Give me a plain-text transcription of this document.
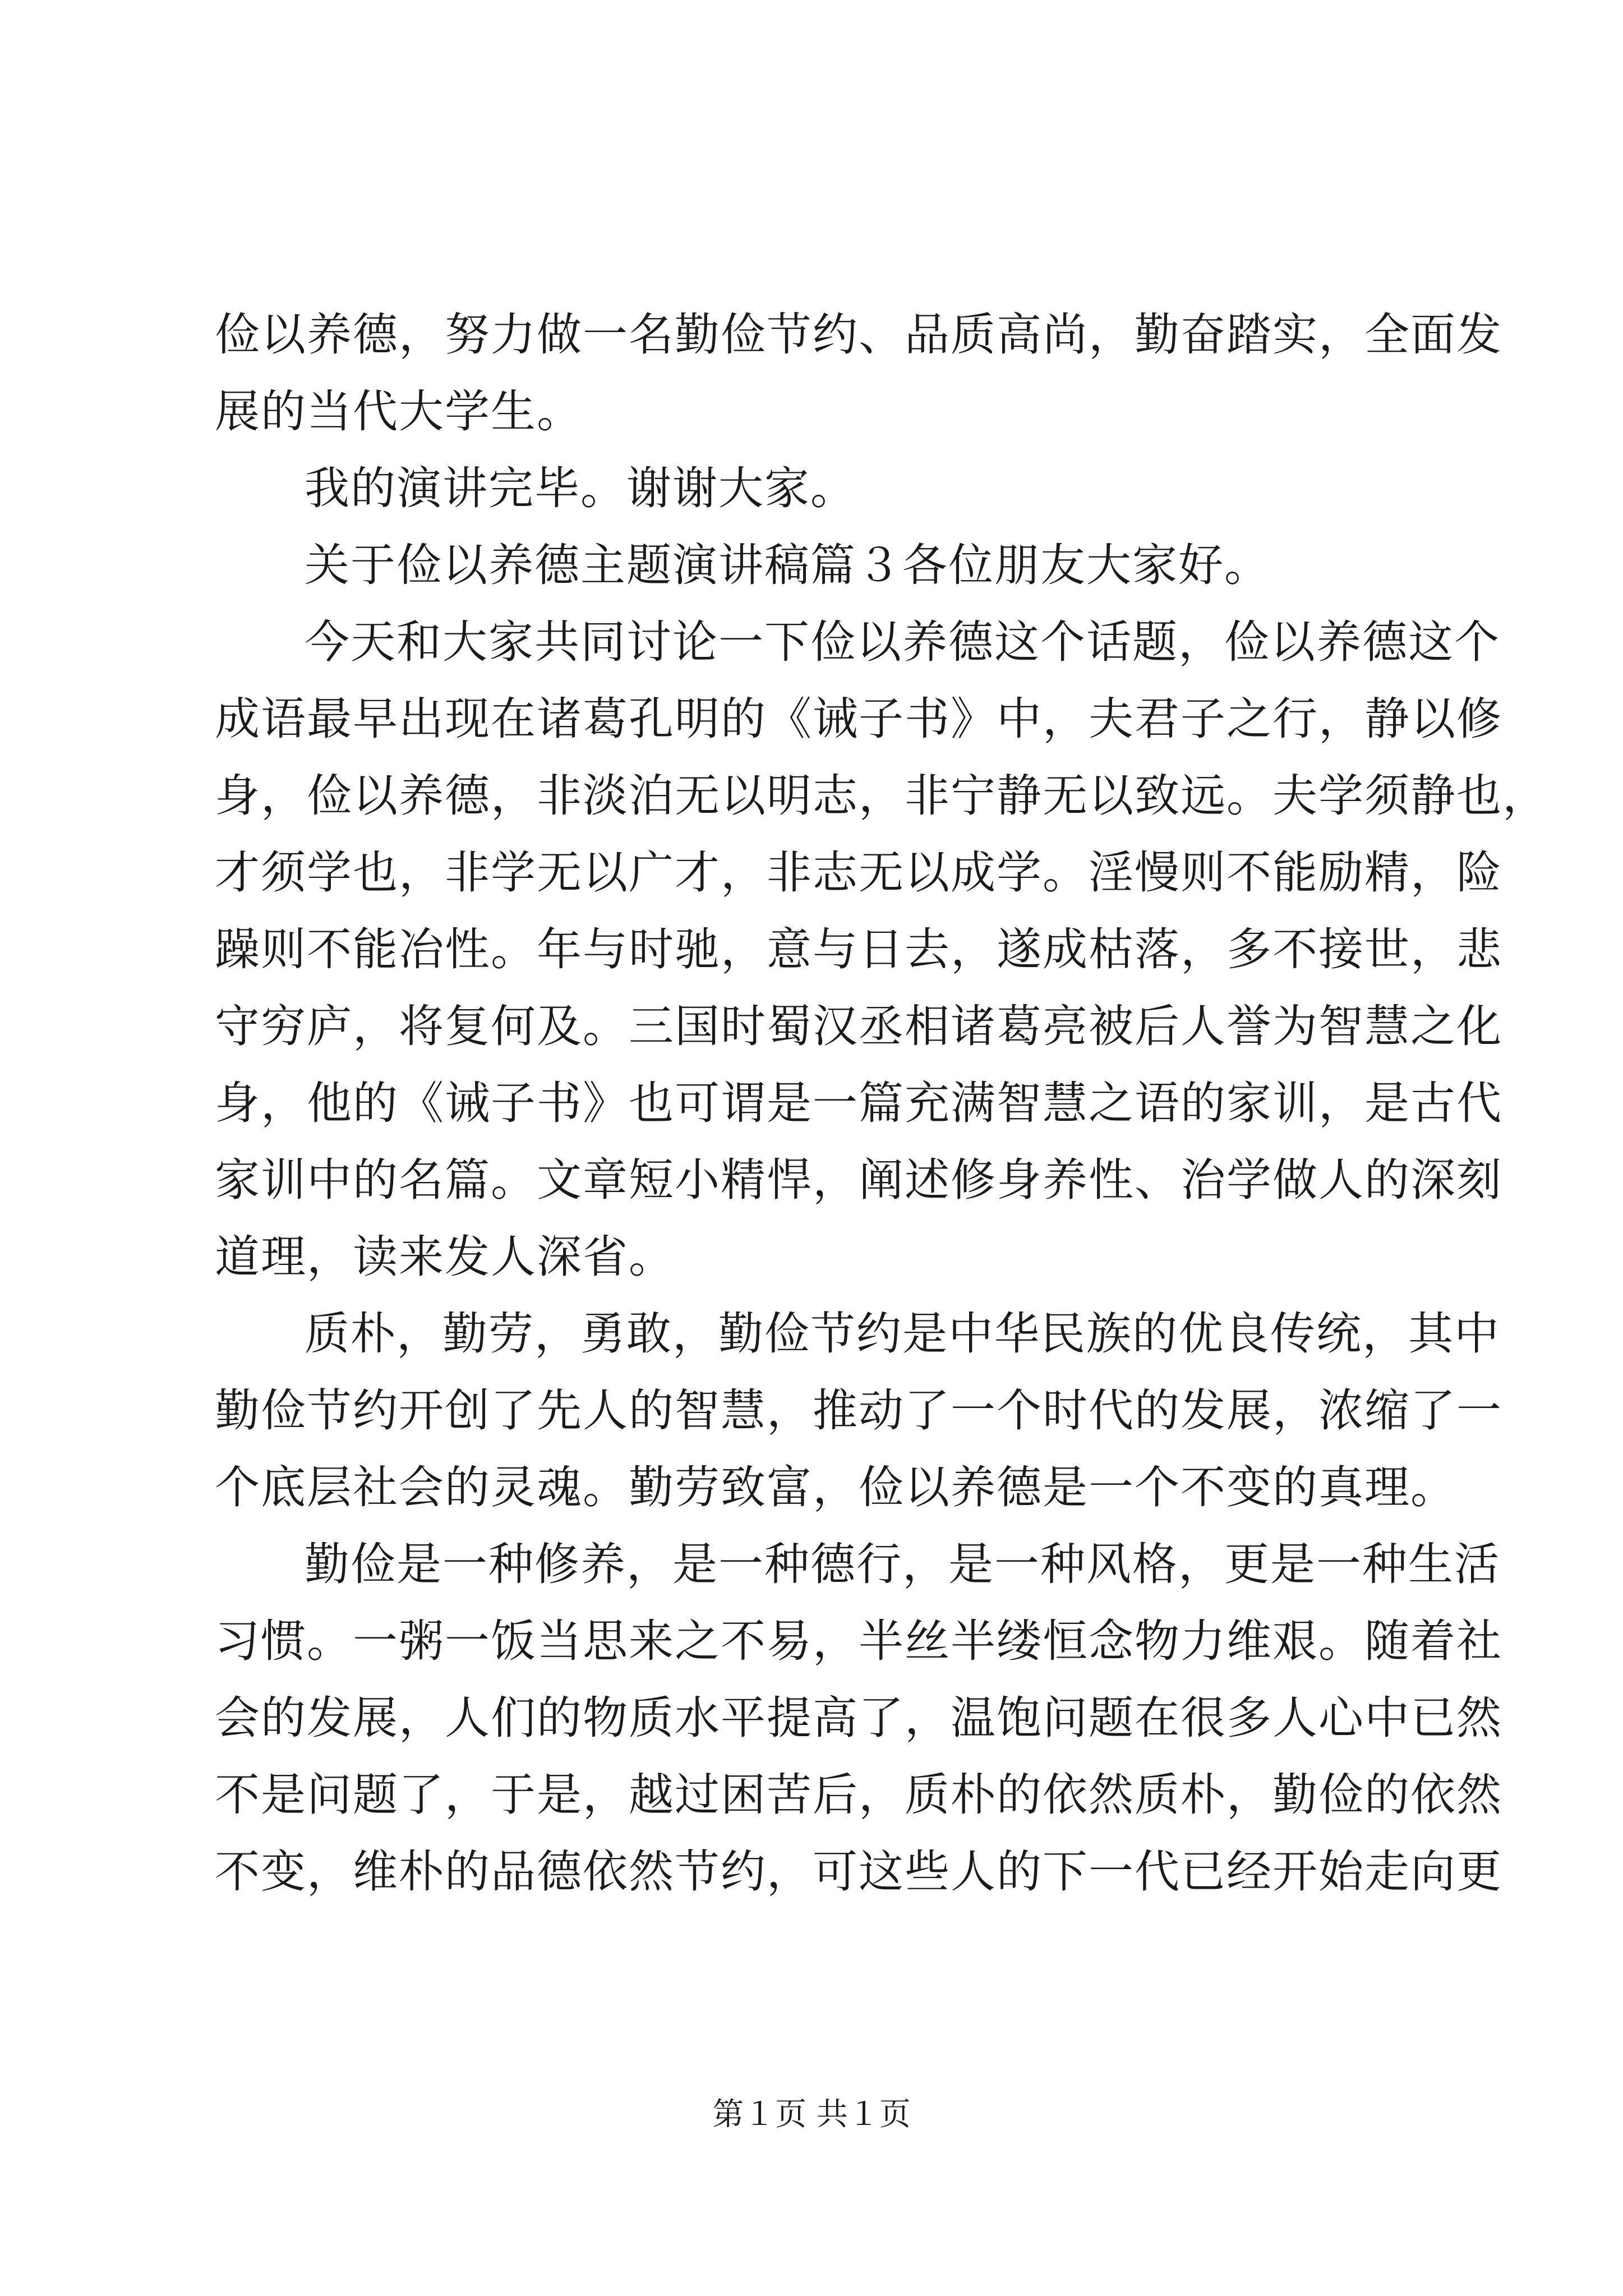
俭以养德，努力做一名勤俭节约、品质高尚，勤奋踏实，全面发
展的当代大学生。
我的演讲完毕。谢谢大家。
关于俭以养德主题演讲稿篇３各位朋友大家好。
今天和大家共同讨论一下俭以养德这个话题，俭以养德这个
成语最早出现在诸葛孔明的《诫子书》中，夫君子之行，静以修
身，俭以养德，非淡泊无以明志，非宁静无以致远。夫学须静也，
才须学也，非学无以广才，非志无以成学。淫慢则不能励精，险
躁则不能冶性。年与时驰，意与日去，遂成枯落，多不接世，悲
守穷庐，将复何及。三国时蜀汉丞相诸葛亮被后人誉为智慧之化
身，他的《诫子书》也可谓是一篇充满智慧之语的家训，是古代
家训中的名篇。文章短小精悍，阐述修身养性、治学做人的深刻
道理，读来发人深省。
质朴，勤劳，勇敢，勤俭节约是中华民族的优良传统，其中
勤俭节约开创了先人的智慧，推动了一个时代的发展，浓缩了一
个底层社会的灵魂。勤劳致富，俭以养德是一个不变的真理。
勤俭是一种修养，是一种德行，是一种风格，更是一种生活
习惯。一粥一饭当思来之不易，半丝半缕恒念物力维艰。随着社
会的发展，人们的物质水平提高了，温饱问题在很多人心中已然
不是问题了，于是，越过困苦后，质朴的依然质朴，勤俭的依然
不变，维朴的品德依然节约，可这些人的下一代已经开始走向更
第１页 共１页
